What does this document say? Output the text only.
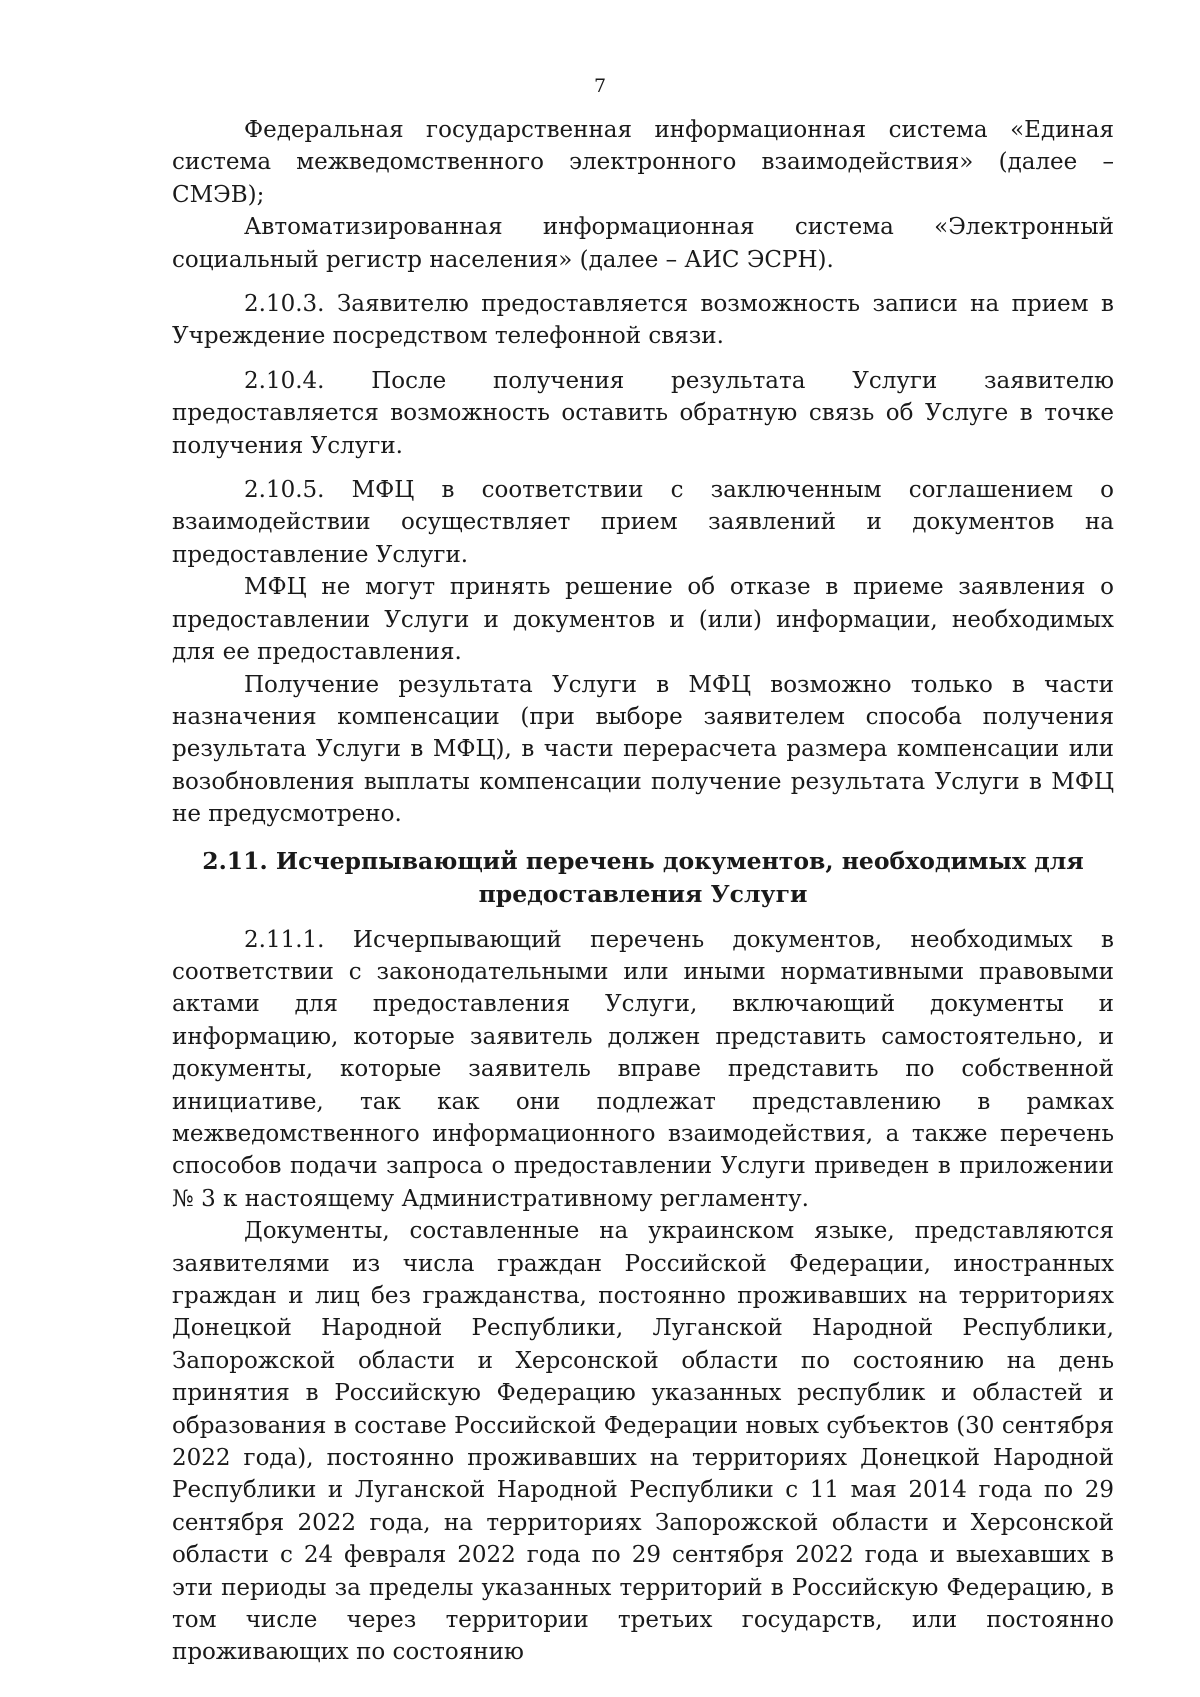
7

Федеральная государственная информационная система «Единая система межведомственного электронного взаимодействия» (далее – СМЭВ);

Автоматизированная информационная система «Электронный социальный регистр населения» (далее – АИС ЭСРН).

2.10.3. Заявителю предоставляется возможность записи на прием в Учреждение посредством телефонной связи.

2.10.4. После получения результата Услуги заявителю предоставляется возможность оставить обратную связь об Услуге в точке получения Услуги.

2.10.5. МФЦ в соответствии с заключенным соглашением о взаимодействии осуществляет прием заявлений и документов на предоставление Услуги.

МФЦ не могут принять решение об отказе в приеме заявления о предоставлении Услуги и документов и (или) информации, необходимых для ее предоставления.

Получение результата Услуги в МФЦ возможно только в части назначения компенсации (при выборе заявителем способа получения результата Услуги в МФЦ), в части перерасчета размера компенсации или возобновления выплаты компенсации получение результата Услуги в МФЦ не предусмотрено.

2.11. Исчерпывающий перечень документов, необходимых для
предоставления Услуги

2.11.1. Исчерпывающий перечень документов, необходимых в соответствии с законодательными или иными нормативными правовыми актами для предоставления Услуги, включающий документы и информацию, которые заявитель должен представить самостоятельно, и документы, которые заявитель вправе представить по собственной инициативе, так как они подлежат представлению в рамках межведомственного информационного взаимодействия, а также перечень способов подачи запроса о предоставлении Услуги приведен в приложении № 3 к настоящему Административному регламенту.

Документы, составленные на украинском языке, представляются заявителями из числа граждан Российской Федерации, иностранных граждан и лиц без гражданства, постоянно проживавших на территориях Донецкой Народной Республики, Луганской Народной Республики, Запорожской области и Херсонской области по состоянию на день принятия в Российскую Федерацию указанных республик и областей и образования в составе Российской Федерации новых субъектов (30 сентября 2022 года), постоянно проживавших на территориях Донецкой Народной Республики и Луганской Народной Республики с 11 мая 2014 года по 29 сентября 2022 года, на территориях Запорожской области и Херсонской области с 24 февраля 2022 года по 29 сентября 2022 года и выехавших в эти периоды за пределы указанных территорий в Российскую Федерацию, в том числе через территории третьих государств, или постоянно проживающих по состоянию
